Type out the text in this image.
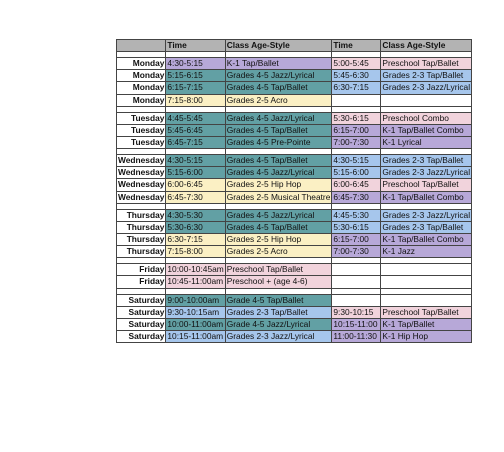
	Time	Class Age-Style	Time	Class Age-Style

Monday	4:30-5:15	K-1 Tap/Ballet	5:00-5:45	Preschool Tap/Ballet
Monday	5:15-6:15	Grades 4-5 Jazz/Lyrical	5:45-6:30	Grades 2-3 Tap/Ballet
Monday	6:15-7:15	Grades 4-5 Tap/Ballet	6:30-7:15	Grades 2-3 Jazz/Lyrical
Monday	7:15-8:00	Grades 2-5 Acro		

Tuesday	4:45-5:45	Grades 4-5 Jazz/Lyrical	5:30-6:15	Preschool Combo
Tuesday	5:45-6:45	Grades 4-5 Tap/Ballet	6:15-7:00	K-1 Tap/Ballet Combo
Tuesday	6:45-7:15	Grades 4-5 Pre-Pointe	7:00-7:30	K-1 Lyrical

Wednesday	4:30-5:15	Grades 4-5 Tap/Ballet	4:30-5:15	Grades 2-3 Tap/Ballet
Wednesday	5:15-6:00	Grades 4-5 Jazz/Lyrical	5:15-6:00	Grades 2-3 Jazz/Lyrical
Wednesday	6:00-6:45	Grades 2-5 Hip Hop	6:00-6:45	Preschool Tap/Ballet
Wednesday	6:45-7:30	Grades 2-5 Musical Theatre	6:45-7:30	K-1 Tap/Ballet Combo

Thursday	4:30-5:30	Grades 4-5 Jazz/Lyrical	4:45-5:30	Grades 2-3 Jazz/Lyrical
Thursday	5:30-6:30	Grades 4-5 Tap/Ballet	5:30-6:15	Grades 2-3 Tap/Ballet
Thursday	6:30-7:15	Grades 2-5 Hip Hop	6:15-7:00	K-1 Tap/Ballet Combo
Thursday	7:15-8:00	Grades 2-5 Acro	7:00-7:30	K-1 Jazz

Friday	10:00-10:45am	Preschool Tap/Ballet		
Friday	10:45-11:00am	Preschool + (age 4-6)		

Saturday	9:00-10:00am	Grade 4-5 Tap/Ballet		
Saturday	9:30-10:15am	Grades 2-3 Tap/Ballet	9:30-10:15	Preschool Tap/Ballet
Saturday	10:00-11:00am	Grade 4-5 Jazz/Lyrical	10:15-11:00	K-1 Tap/Ballet
Saturday	10:15-11:00am	Grades 2-3 Jazz/Lyrical	11:00-11:30	K-1 Hip Hop
